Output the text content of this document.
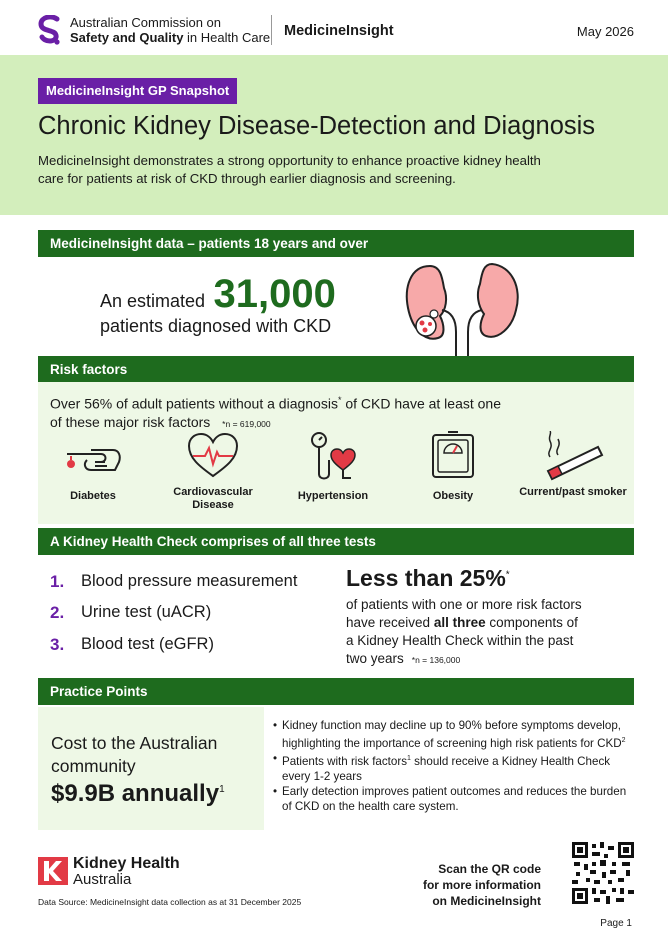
Australian Commission on
Safety and Quality in Health Care MedicineInsight	May 2026
MedicineInsight GP Snapshot
Chronic Kidney Disease-Detection and Diagnosis
MedicineInsight demonstrates a strong opportunity to enhance proactive kidney health care for patients at risk of CKD through earlier diagnosis and screening.
MedicineInsight data – patients 18 years and over
An estimated 31,000
patients diagnosed with CKD
Risk factors
Over 56% of adult patients without a diagnosis* of CKD have at least one
of these major risk factors *n = 619,000
Diabetes	Cardiovascular Disease
Hypertension	Obesity	Current/past smoker
A Kidney Health Check comprises of all three tests
1. Blood pressure measurement
2. Urine test (uACR)
3. Blood test (eGFR)
Less than 25%*
of patients with one or more risk factors
have received all three components of
a Kidney Health Check within the past
two years *n = 136,000
Practice Points
Cost to the Australian
community
$9.9B annually$^1$
• Kidney function may decline up to 90% before symptoms develop, highlighting the importance of screening high risk patients for CKD$^2$
• Patients with risk factors$^1$ should receive a Kidney Health Check every 1-2 years
• Early detection improves patient outcomes and reduces the burden of CKD on the health care system.
Kidney Health
Australia
Data Source: MedicineInsight data collection as at 31 December 2025
Scan the QR code
for more information
on MedicineInsight
Page 1
